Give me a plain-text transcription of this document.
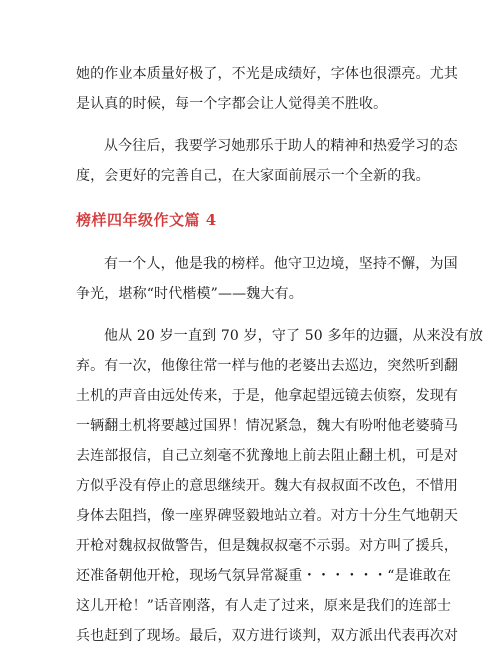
她的作业本质量好极了，不光是成绩好，字体也很漂亮。尤其
是认真的时候，每一个字都会让人觉得美不胜收。
从今往后，我要学习她那乐于助人的精神和热爱学习的态
度，会更好的完善自己，在大家面前展示一个全新的我。
榜样四年级作文篇 4
有一个人，他是我的榜样。他守卫边境，坚持不懈，为国
争光，堪称“时代楷模”——魏大有。
他从 20 岁一直到 70 岁，守了 50 多年的边疆，从来没有放
弃。有一次，他像往常一样与他的老婆出去巡边，突然听到翻
土机的声音由远处传来，于是，他拿起望远镜去侦察，发现有
一辆翻土机将要越过国界！情况紧急，魏大有吩咐他老婆骑马
去连部报信，自己立刻毫不犹豫地上前去阻止翻土机，可是对
方似乎没有停止的意思继续开。魏大有叔叔面不改色，不惜用
身体去阻挡，像一座界碑竖毅地站立着。对方十分生气地朝天
开枪对魏叔叔做警告，但是魏叔叔毫不示弱。对方叫了援兵，
还准备朝他开枪，现场气氛异常凝重・・・・・・“是谁敢在
这儿开枪！”话音刚落，有人走了过来，原来是我们的连部士
兵也赶到了现场。最后，双方进行谈判，双方派出代表再次对
